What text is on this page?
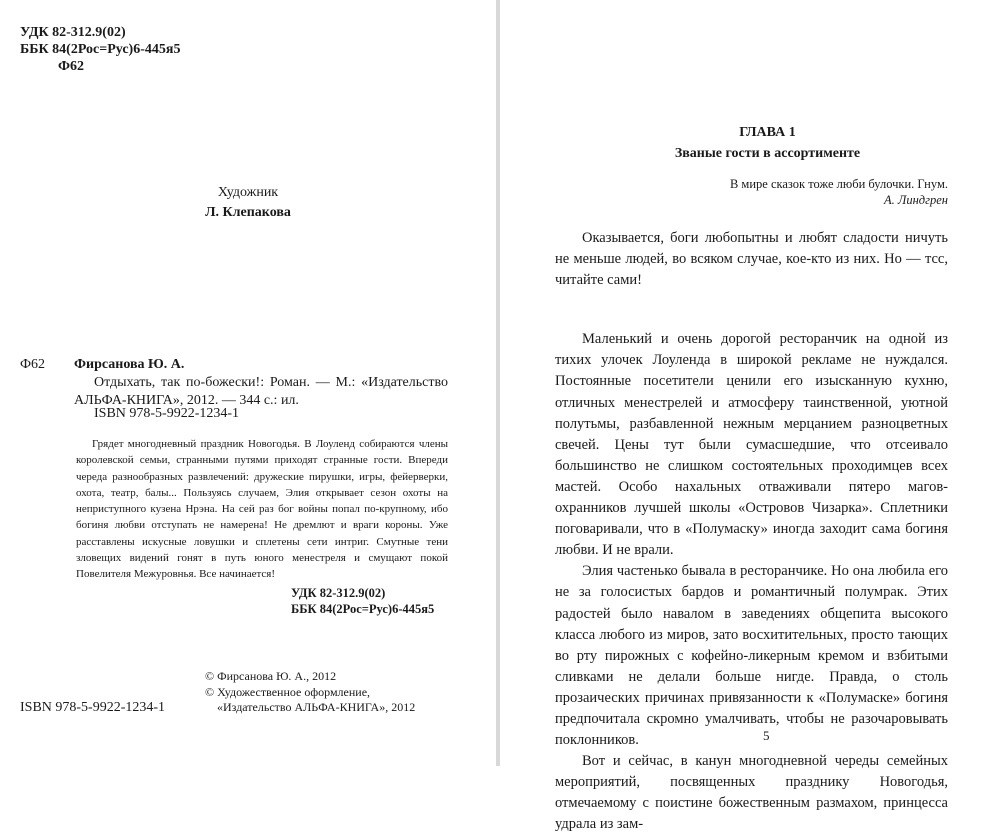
УДК 82-312.9(02)
ББК 84(2Рос=Рус)6-445я5
Ф62
Художник
Л. Клепакова
Ф62 Фирсанова Ю. А.
Отдыхать, так по-божески!: Роман. — М.: «Издательство АЛЬФА-КНИГА», 2012. — 344 с.: ил.
ISBN 978-5-9922-1234-1
Грядет многодневный праздник Новогодья. В Лоуленд собираются члены королевской семьи, странными путями приходят странные гости. Впереди череда разнообразных развлечений: дружеские пирушки, игры, фейерверки, охота, театр, балы... Пользуясь случаем, Элия открывает сезон охоты на неприступного кузена Нрэна. На сей раз бог войны попал по-крупному, ибо богиня любви отступать не намерена! Не дремлют и враги короны. Уже расставлены искусные ловушки и сплетены сети интриг. Смутные тени зловещих видений гонят в путь юного менестреля и смущают покой Повелителя Межуровнья. Все начинается!
УДК 82-312.9(02)
ББК 84(2Рос=Рус)6-445я5
© Фирсанова Ю. А., 2012
© Художественное оформление,
«Издательство АЛЬФА-КНИГА», 2012
ISBN 978-5-9922-1234-1
ГЛАВА 1
Званые гости в ассортименте
В мире сказок тоже люби булочки. Гнум.
А. Линдгрен

Оказывается, боги любопытны и любят сладости ничуть не меньше людей, во всяком случае, кое-кто из них. Но — тсс, читайте сами!

Маленький и очень дорогой ресторанчик на одной из тихих улочек Лоуленда в широкой рекламе не нуждался. Постоянные посетители ценили его изысканную кухню, отличных менестрелей и атмосферу таинственной, уютной полутьмы, разбавленной нежным мерцанием разноцветных свечей. Цены тут были сумасшедшие, что отсеивало большинство не слишком состоятельных проходимцев всех мастей. Особо нахальных отваживали пятеро магов-охранников лучшей школы «Островов Чизарка». Сплетники поговаривали, что в «Полумаску» иногда заходит сама богиня любви. И не врали.

Элия частенько бывала в ресторанчике. Но она любила его не за голосистых бардов и романтичный полумрак. Этих радостей было навалом в заведениях общепита высокого класса любого из миров, зато восхитительных, просто тающих во рту пирожных с кофейно-ликерным кремом и взбитыми сливками не делали больше нигде. Правда, о столь прозаических причинах привязанности к «Полумаске» богиня предпочитала скромно умалчивать, чтобы не разочаровывать поклонников.

Вот и сейчас, в канун многодневной череды семейных мероприятий, посвященных празднику Новогодья, отмечаемому с поистине божественным размахом, принцесса удрала из зам-

5
